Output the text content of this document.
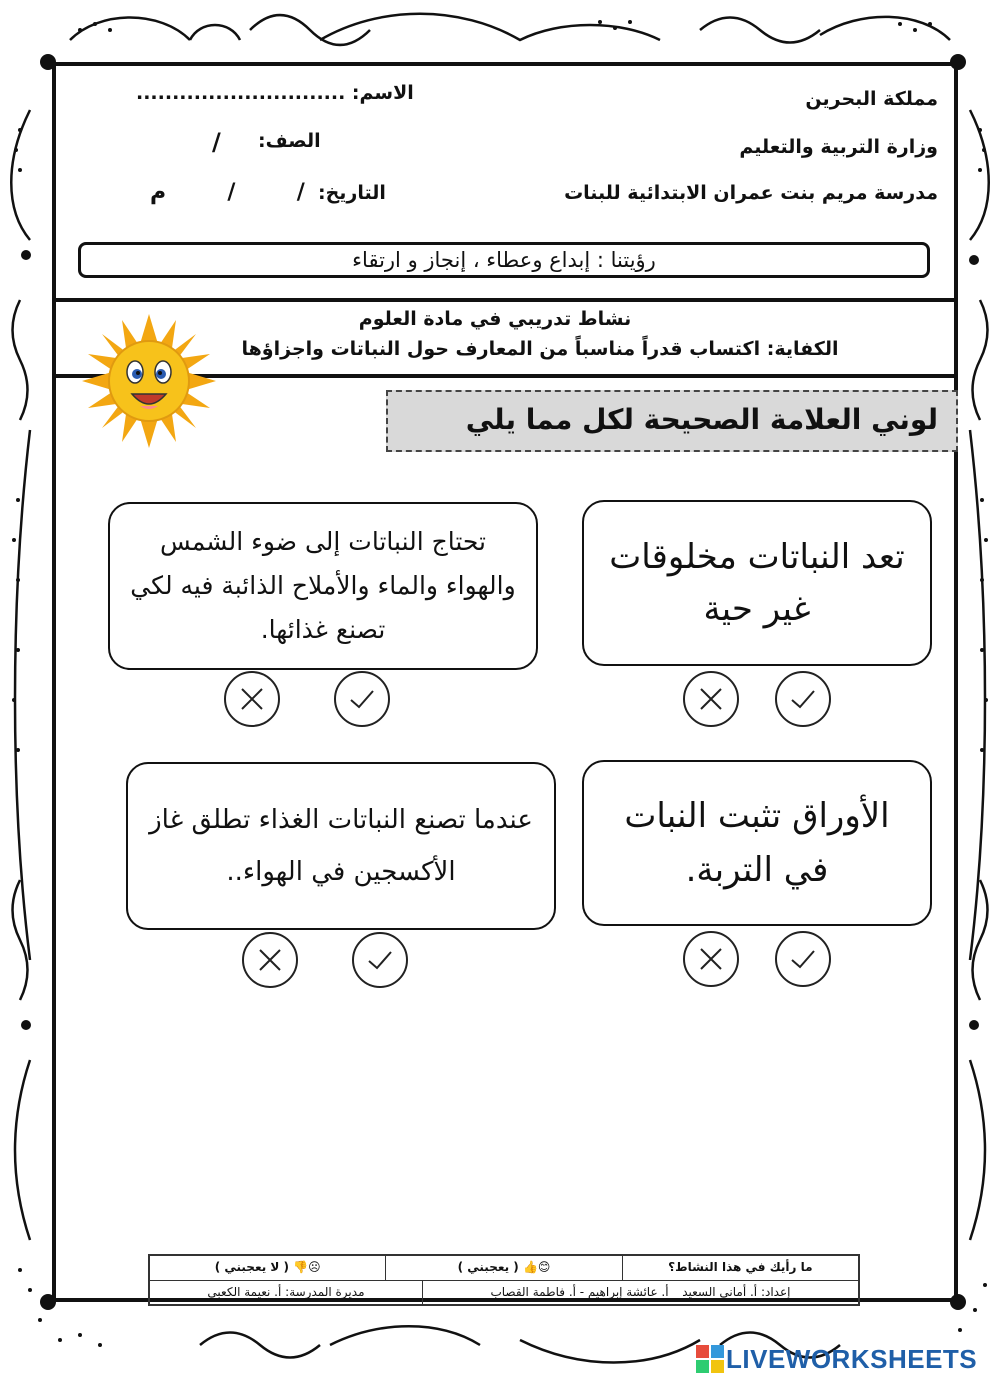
مملكة البحرين
وزارة التربية والتعليم
مدرسة مريم بنت عمران الابتدائية للبنات
الاسم: .............................
الصف:
/
التاريخ:
/        /        م
رؤيتنا : إبداع وعطاء ، إنجاز و ارتقاء
نشاط تدريبي في مادة العلوم
الكفاية: اكتساب قدراً مناسباً من المعارف حول النباتات واجزاؤها
لوني العلامة الصحيحة لكل مما يلي
تعد النباتات مخلوقات غير حية
تحتاج النباتات إلى ضوء الشمس والهواء والماء والأملاح الذائبة فيه لكي تصنع غذائها.
الأوراق تثبت النبات في التربة.
عندما تصنع النباتات الغذاء تطلق غاز الأكسجين في الهواء..
ما رأيك في هذا النشاط؟
😊👍 ( يعجبني )
☹👎 ( لا يعجبني )
إعداد: أ. أماني السعيد _ أ. عائشة إبراهيم - أ. فاطمة القصاب
مديرة المدرسة: أ. نعيمة الكعبي
LIVEWORKSHEETS
